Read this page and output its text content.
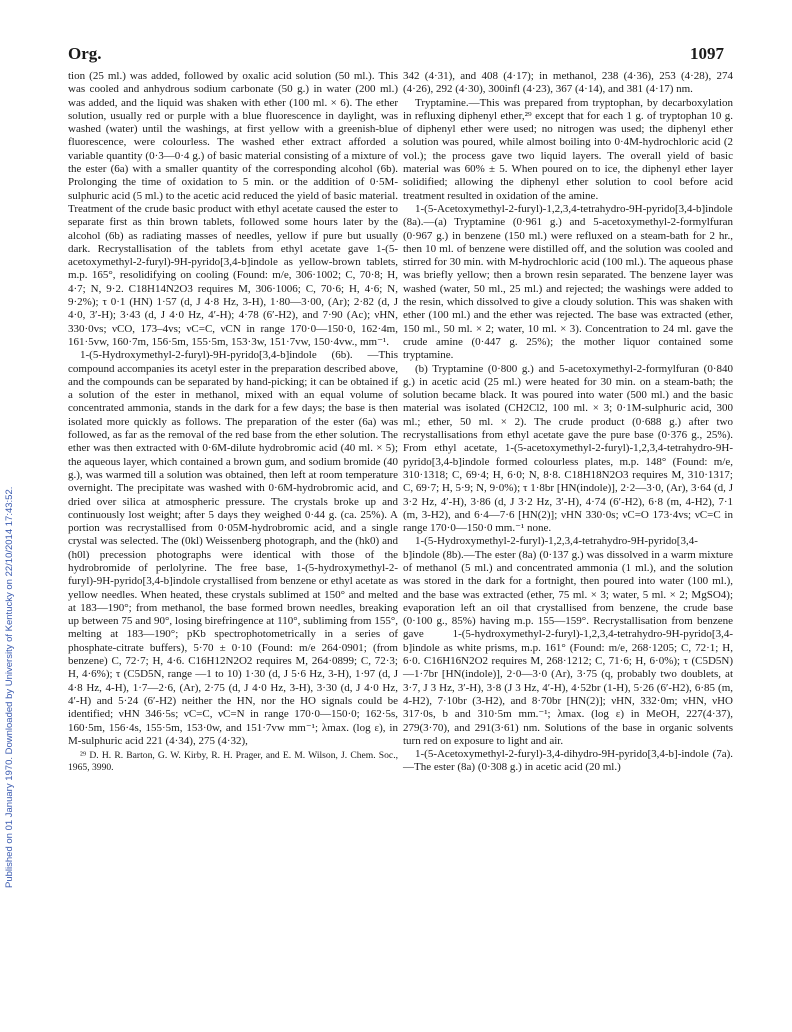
Org.	1097
Published on 01 January 1970. Downloaded by University of Kentucky on 22/10/2014 17:43:52.

tion (25 ml.) was added, followed by oxalic acid solution (50 ml.). This was cooled and anhydrous sodium carbonate (50 g.) in water (200 ml.) was added, and the liquid was shaken with ether (100 ml. × 6). The ether solution, usually red or purple with a blue fluorescence in daylight, was washed (water) until the washings, at first yellow with a greenish-blue fluorescence, were colourless. The washed ether extract afforded a variable quantity (0·3—0·4 g.) of basic material consisting of a mixture of the ester (6a) with a smaller quantity of the corresponding alcohol (6b). Prolonging the time of oxidation to 5 min. or the addition of 0·5M-sulphuric acid (5 ml.) to the acetic acid reduced the yield of basic material. Treatment of the crude basic product with ethyl acetate caused the ester to separate first as thin brown tablets, followed some hours later by the alcohol (6b) as radiating masses of needles, yellow if pure but usually dark. Recrystallisation of the tablets from ethyl acetate gave 1-(5-acetoxymethyl-2-furyl)-9H-pyrido[3,4-b]indole as yellow-brown tablets, m.p. 165°, resolidifying on cooling (Found: m/e, 306·1002; C, 70·8; H, 4·7; N, 9·2. C18H14N2O3 requires M, 306·1006; C, 70·6; H, 4·6; N, 9·2%); τ 0·1 (HN) 1·57 (d, J 4·8 Hz, 3-H), 1·80—3·00, (Ar); 2·82 (d, J 4·0, 3′-H); 3·43 (d, J 4·0 Hz, 4′-H); 4·78 (6′-H2), and 7·90 (Ac); νHN, 330·0vs; νCO, 173–4vs; νC=C, νCN in range 170·0—150·0, 162·4m, 161·5vw, 160·7m, 156·5m, 155·5m, 153·3w, 151·7vw, 150·4vw., mm⁻¹.

1-(5-Hydroxymethyl-2-furyl)-9H-pyrido[3,4-b]indole (6b). —This compound accompanies its acetyl ester in the preparation described above, and the compounds can be separated by hand-picking; it can be obtained if a solution of the ester in methanol, mixed with an equal volume of concentrated ammonia, stands in the dark for a few days; the base is then isolated more quickly as follows. The preparation of the ester (6a) was followed, as far as the removal of the red base from the ether solution. The ether was then extracted with 0·6M-dilute hydrobromic acid (40 ml. × 5); the aqueous layer, which contained a brown gum, and sodium bromide (40 g.), was warmed till a solution was obtained, then left at room temperature overnight. The precipitate was washed with 0·6M-hydrobromic acid, and dried over silica at atmospheric pressure. The crystals broke up and continuously lost weight; after 5 days they weighed 0·44 g. (ca. 25%). A portion was recrystallised from 0·05M-hydrobromic acid, and a single crystal was selected. The (0kl) Weissenberg photograph, and the (hk0) and (h0l) precession photographs were identical with those of the hydrobromide of perlolyrine. The free base, 1-(5-hydroxymethyl-2-furyl)-9H-pyrido[3,4-b]indole crystallised from benzene or ethyl acetate as yellow needles. When heated, these crystals sublimed at 150° and melted at 183—190°; from methanol, the base formed brown needles, breaking up between 75 and 90°, losing birefringence at 110°, subliming from 155°, melting at 183—190°; pKb spectrophotometrically in a series of phosphate-citrate buffers), 5·70 ± 0·10 (Found: m/e 264·0901; (from benzene) C, 72·7; H, 4·6. C16H12N2O2 requires M, 264·0899; C, 72·3; H, 4·6%); τ (C5D5N, range —1 to 10) 1·30 (d, J 5·6 Hz, 3-H), 1·97 (d, J 4·8 Hz, 4-H), 1·7—2·6, (Ar), 2·75 (d, J 4·0 Hz, 3-H), 3·30 (d, J 4·0 Hz, 4′-H) and 5·24 (6′-H2) neither the HN, nor the HO signals could be identified; νHN 346·5s; νC=C, νC=N in range 170·0—150·0; 162·5s, 160·5m, 156·4s, 155·5m, 153·0w, and 151·7vw mm⁻¹; λmax. (log ε), in M-sulphuric acid 221 (4·34), 275 (4·32),

²⁹ D. H. R. Barton, G. W. Kirby, R. H. Prager, and E. M. Wilson, J. Chem. Soc., 1965, 3990.

342 (4·31), and 408 (4·17); in methanol, 238 (4·36), 253 (4·28), 274 (4·26), 292 (4·30), 300infl (4·23), 367 (4·14), and 381 (4·17) nm.

Tryptamine.—This was prepared from tryptophan, by decarboxylation in refluxing diphenyl ether,²⁹ except that for each 1 g. of tryptophan 10 g. of diphenyl ether were used; no nitrogen was used; the diphenyl ether solution was poured, while almost boiling into 0·4M-hydrochloric acid (2 vol.); the process gave two liquid layers. The overall yield of basic material was 60% ± 5. When poured on to ice, the diphenyl ether layer solidified; allowing the diphenyl ether solution to cool before acid treatment resulted in oxidation of the amine.

1-(5-Acetoxymethyl-2-furyl)-1,2,3,4-tetrahydro-9H-pyrido[3,4-b]indole (8a).—(a) Tryptamine (0·961 g.) and 5-acetoxymethyl-2-formylfuran (0·967 g.) in benzene (150 ml.) were refluxed on a steam-bath for 2 hr., then 10 ml. of benzene were distilled off, and the solution was cooled and stirred for 30 min. with M-hydrochloric acid (100 ml.). The aqueous phase was briefly yellow; then a brown resin separated. The benzene layer was washed (water, 50 ml., 25 ml.) and rejected; the washings were added to the resin, which dissolved to give a cloudy solution. This was shaken with ether (100 ml.) and the ether was rejected. The base was extracted (ether, 150 ml., 50 ml. × 2; water, 10 ml. × 3). Concentration to 24 ml. gave the crude amine (0·447 g. 25%); the mother liquor contained some tryptamine.

(b) Tryptamine (0·800 g.) and 5-acetoxymethyl-2-formylfuran (0·840 g.) in acetic acid (25 ml.) were heated for 30 min. on a steam-bath; the solution became black. It was poured into water (500 ml.) and the basic material was isolated (CH2Cl2, 100 ml. × 3; 0·1M-sulphuric acid, 300 ml.; ether, 50 ml. × 2). The crude product (0·688 g.) after two recrystallisations from ethyl acetate gave the pure base (0·376 g., 25%). From ethyl acetate, 1-(5-acetoxymethyl-2-furyl)-1,2,3,4-tetrahydro-9H-pyrido[3,4-b]indole formed colourless plates, m.p. 148° (Found: m/e, 310·1318; C, 69·4; H, 6·0; N, 8·8. C18H18N2O3 requires M, 310·1317; C, 69·7; H, 5·9; N, 9·0%); τ 1·8br [HN(indole)], 2·2—3·0, (Ar), 3·64 (d, J 3·2 Hz, 4′-H), 3·86 (d, J 3·2 Hz, 3′-H), 4·74 (6′-H2), 6·8 (m, 4-H2), 7·1 (m, 3-H2), and 6·4—7·6 [HN(2)]; νHN 330·0s; νC=O 173·4vs; νC=C in range 170·0—150·0 mm.⁻¹ none.

1-(5-Hydroxymethyl-2-furyl)-1,2,3,4-tetrahydro-9H-pyrido[3,4-b]indole (8b).—The ester (8a) (0·137 g.) was dissolved in a warm mixture of methanol (5 ml.) and concentrated ammonia (1 ml.), and the solution was stored in the dark for a fortnight, then poured into water (100 ml.), and the base was extracted (ether, 75 ml. × 3; water, 5 ml. × 2; MgSO4); evaporation left an oil that crystallised from benzene, the crude base (0·100 g., 85%) having m.p. 155—159°. Recrystallisation from benzene gave 1-(5-hydroxymethyl-2-furyl)-1,2,3,4-tetrahydro-9H-pyrido[3,4-b]indole as white prisms, m.p. 161° (Found: m/e, 268·1205; C, 72·1; H, 6·0. C16H16N2O2 requires M, 268·1212; C, 71·6; H, 6·0%); τ (C5D5N) —1·7br [HN(indole)], 2·0—3·0 (Ar), 3·75 (q, probably two doublets, at 3·7, J 3 Hz, 3′-H), 3·8 (J 3 Hz, 4′-H), 4·52br (1-H), 5·26 (6′-H2), 6·85 (m, 4-H2), 7·10br (3-H2), and 8·70br [HN(2)]; νHN, 332·0m; νHN, νHO 317·0s, b and 310·5m mm.⁻¹; λmax. (log ε) in MeOH, 227(4·37), 279(3·70), and 291(3·61) nm. Solutions of the base in organic solvents turn red on exposure to light and air.

1-(5-Acetoxymethyl-2-furyl)-3,4-dihydro-9H-pyrido[3,4-b]-indole (7a).—The ester (8a) (0·308 g.) in acetic acid (20 ml.)
